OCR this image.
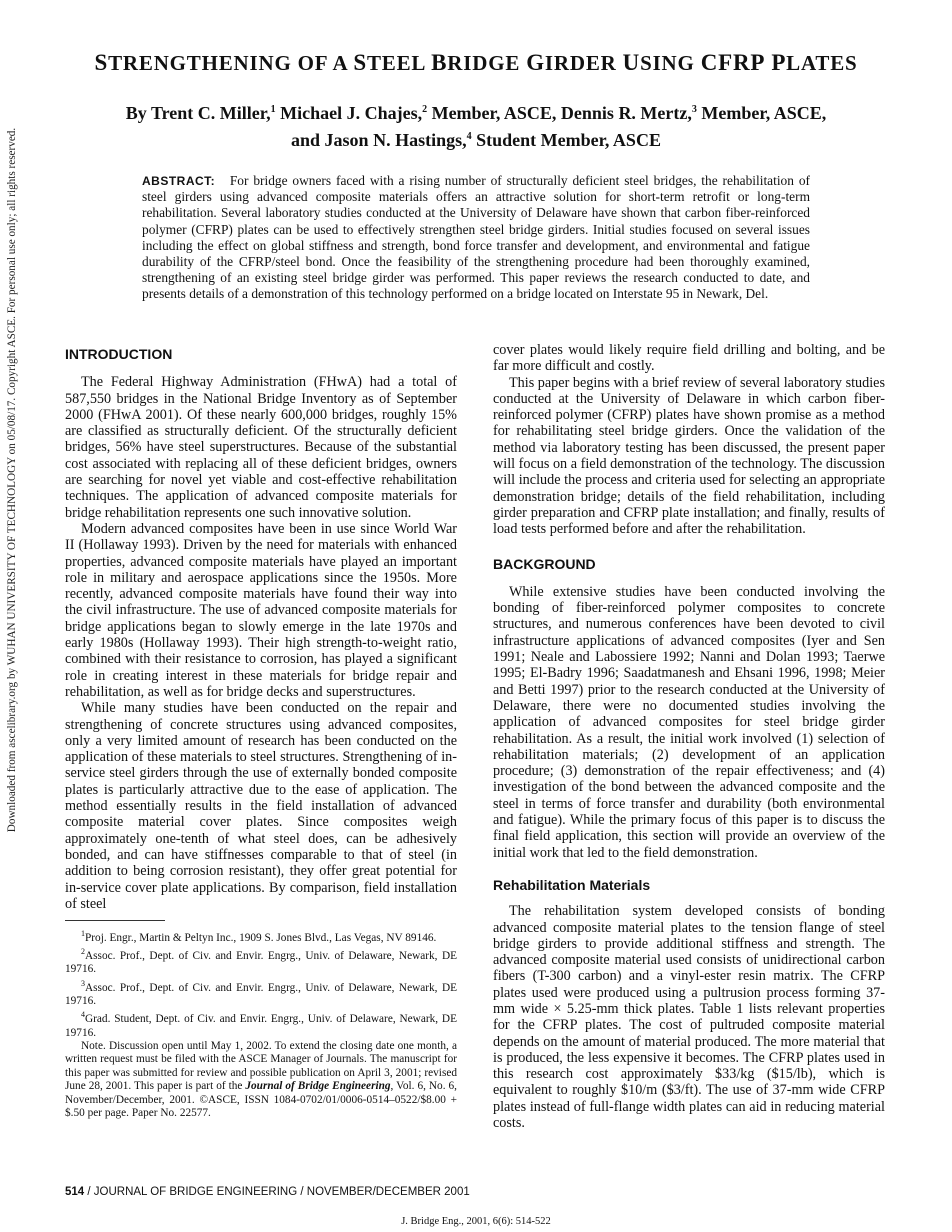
Downloaded from ascelibrary.org by WUHAN UNIVERSITY OF TECHNOLOGY on 05/08/17. Copyright ASCE. For personal use only; all rights reserved.
STRENGTHENING OF A STEEL BRIDGE GIRDER USING CFRP PLATES
By Trent C. Miller,$^1$ Michael J. Chajes,$^2$ Member, ASCE, Dennis R. Mertz,$^3$ Member, ASCE,
and Jason N. Hastings,$^4$ Student Member, ASCE
ABSTRACT: For bridge owners faced with a rising number of structurally deficient steel bridges, the rehabilitation of steel girders using advanced composite materials offers an attractive solution for short-term retrofit or long-term rehabilitation. Several laboratory studies conducted at the University of Delaware have shown that carbon fiber-reinforced polymer (CFRP) plates can be used to effectively strengthen steel bridge girders. Initial studies focused on several issues including the effect on global stiffness and strength, bond force transfer and development, and environmental and fatigue durability of the CFRP/steel bond. Once the feasibility of the strengthening procedure had been thoroughly examined, strengthening of an existing steel bridge girder was performed. This paper reviews the research conducted to date, and presents details of a demonstration of this technology performed on a bridge located on Interstate 95 in Newark, Del.
INTRODUCTION

The Federal Highway Administration (FHwA) had a total of 587,550 bridges in the National Bridge Inventory as of September 2000 (FHwA 2001). Of these nearly 600,000 bridges, roughly 15% are classified as structurally deficient. Of the structurally deficient bridges, 56% have steel superstructures. Because of the substantial cost associated with replacing all of these deficient bridges, owners are searching for novel yet viable and cost-effective rehabilitation techniques. The application of advanced composite materials for bridge rehabilitation represents one such innovative solution.

Modern advanced composites have been in use since World War II (Hollaway 1993). Driven by the need for materials with enhanced properties, advanced composite materials have played an important role in military and aerospace applications since the 1950s. More recently, advanced composite materials have found their way into the civil infrastructure. The use of advanced composite materials for bridge applications began to slowly emerge in the late 1970s and early 1980s (Hollaway 1993). Their high strength-to-weight ratio, combined with their resistance to corrosion, has played a significant role in creating interest in these materials for bridge repair and rehabilitation, as well as for bridge decks and superstructures.

While many studies have been conducted on the repair and strengthening of concrete structures using advanced composites, only a very limited amount of research has been conducted on the application of these materials to steel structures. Strengthening of in-service steel girders through the use of externally bonded composite plates is particularly attractive due to the ease of application. The method essentially results in the field installation of advanced composite material cover plates. Since composites weigh approximately one-tenth of what steel does, can be adhesively bonded, and can have stiffnesses comparable to that of steel (in addition to being corrosion resistant), they offer great potential for in-service cover plate applications. By comparison, field installation of steel

$^1$Proj. Engr., Martin & Peltyn Inc., 1909 S. Jones Blvd., Las Vegas, NV 89146.

$^2$Assoc. Prof., Dept. of Civ. and Envir. Engrg., Univ. of Delaware, Newark, DE 19716.

$^3$Assoc. Prof., Dept. of Civ. and Envir. Engrg., Univ. of Delaware, Newark, DE 19716.

$^4$Grad. Student, Dept. of Civ. and Envir. Engrg., Univ. of Delaware, Newark, DE 19716.

Note. Discussion open until May 1, 2002. To extend the closing date one month, a written request must be filed with the ASCE Manager of Journals. The manuscript for this paper was submitted for review and possible publication on April 3, 2001; revised June 28, 2001. This paper is part of the Journal of Bridge Engineering, Vol. 6, No. 6, November/December, 2001. ©ASCE, ISSN 1084-0702/01/0006-0514–0522/$8.00 + $.50 per page. Paper No. 22577.

cover plates would likely require field drilling and bolting, and be far more difficult and costly.

This paper begins with a brief review of several laboratory studies conducted at the University of Delaware in which carbon fiber-reinforced polymer (CFRP) plates have shown promise as a method for rehabilitating steel bridge girders. Once the validation of the method via laboratory testing has been discussed, the present paper will focus on a field demonstration of the technology. The discussion will include the process and criteria used for selecting an appropriate demonstration bridge; details of the field rehabilitation, including girder preparation and CFRP plate installation; and finally, results of load tests performed before and after the rehabilitation.

BACKGROUND

While extensive studies have been conducted involving the bonding of fiber-reinforced polymer composites to concrete structures, and numerous conferences have been devoted to civil infrastructure applications of advanced composites (Iyer and Sen 1991; Neale and Labossiere 1992; Nanni and Dolan 1993; Taerwe 1995; El-Badry 1996; Saadatmanesh and Ehsani 1996, 1998; Meier and Betti 1997) prior to the research conducted at the University of Delaware, there were no documented studies involving the application of advanced composites for steel bridge girder rehabilitation. As a result, the initial work involved (1) selection of rehabilitation materials; (2) development of an application procedure; (3) demonstration of the repair effectiveness; and (4) investigation of the bond between the advanced composite and the steel in terms of force transfer and durability (both environmental and fatigue). While the primary focus of this paper is to discuss the final field application, this section will provide an overview of the initial work that led to the field demonstration.

Rehabilitation Materials

The rehabilitation system developed consists of bonding advanced composite material plates to the tension flange of steel bridge girders to provide additional stiffness and strength. The advanced composite material used consists of unidirectional carbon fibers (T-300 carbon) and a vinyl-ester resin matrix. The CFRP plates used were produced using a pultrusion process forming 37-mm wide × 5.25-mm thick plates. Table 1 lists relevant properties for the CFRP plates. The cost of pultruded composite material depends on the amount of material produced. The more material that is produced, the less expensive it becomes. The CFRP plates used in this research cost approximately $33/kg ($15/lb), which is equivalent to roughly $10/m ($3/ft). The use of 37-mm wide CFRP plates instead of full-flange width plates can aid in reducing material costs.

514 / JOURNAL OF BRIDGE ENGINEERING / NOVEMBER/DECEMBER 2001
J. Bridge Eng., 2001, 6(6): 514-522
